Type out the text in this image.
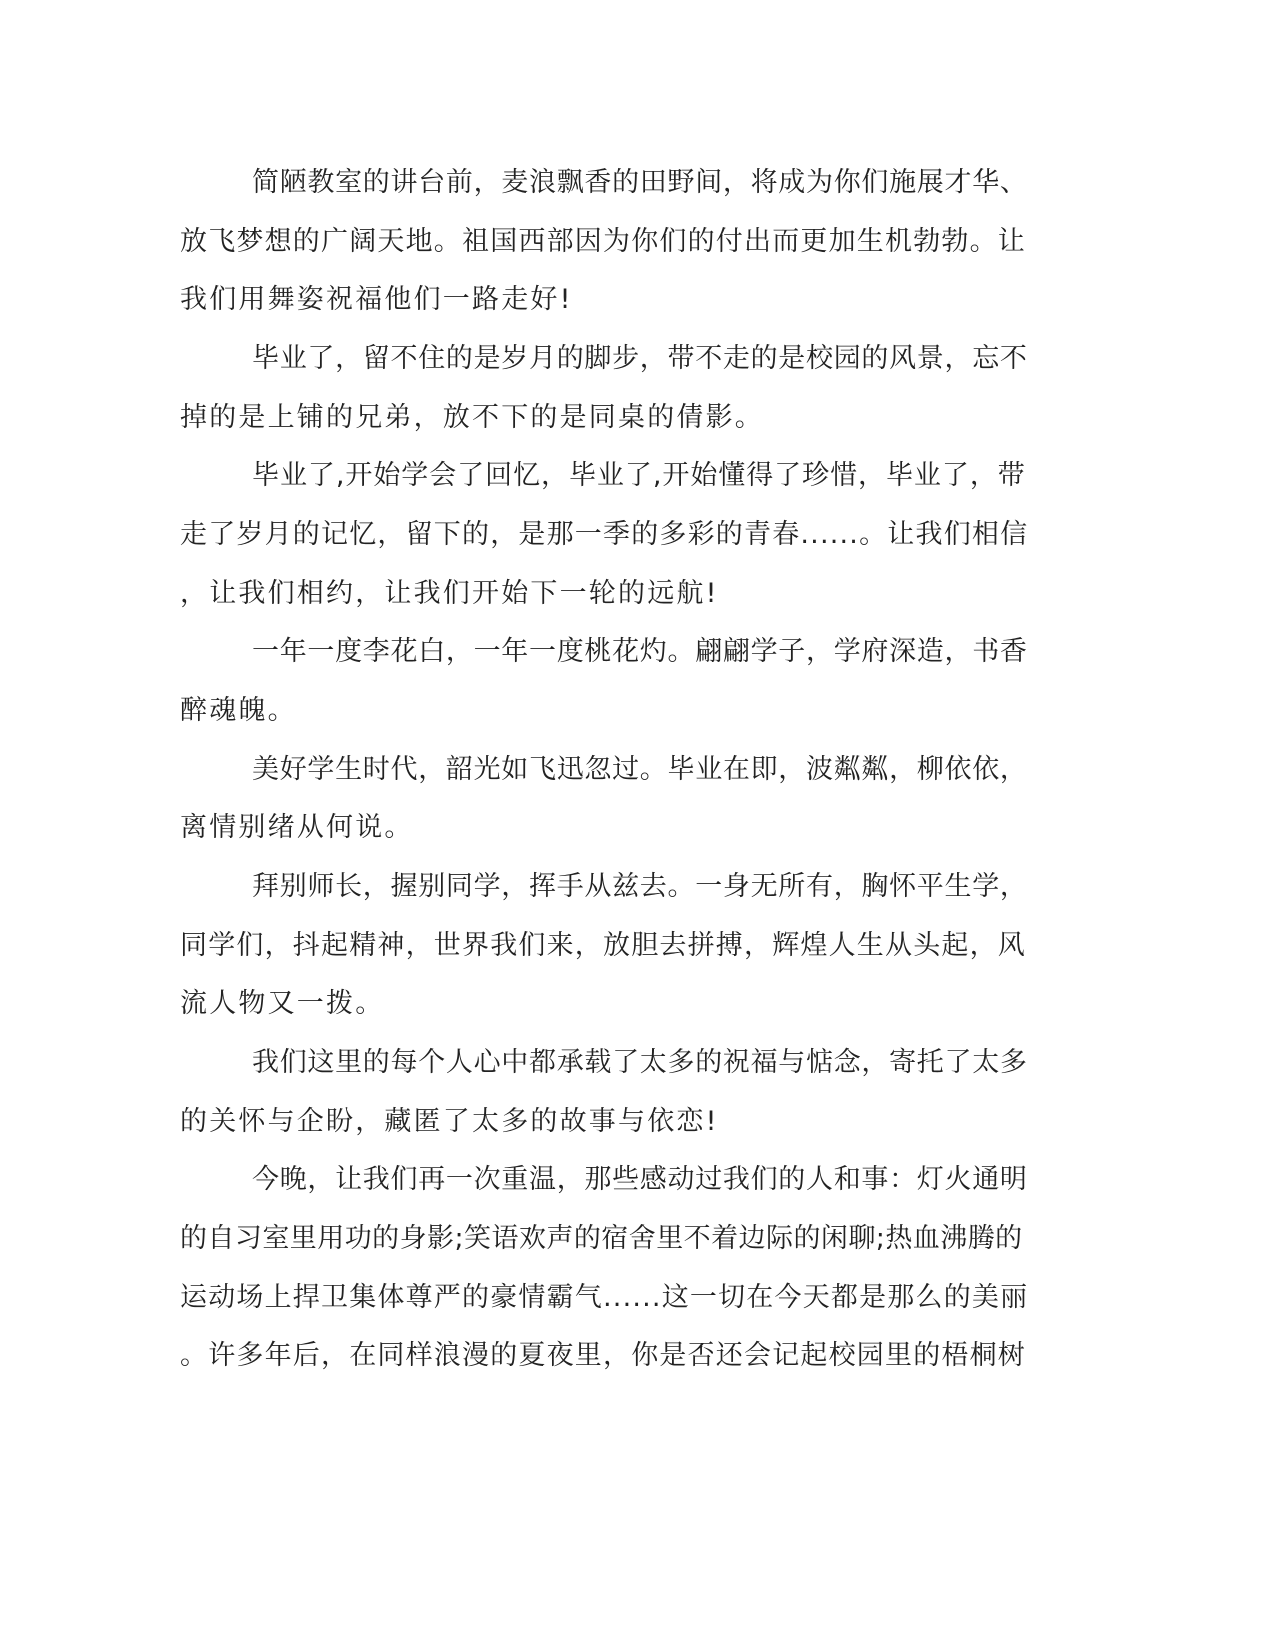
简陋教室的讲台前，麦浪飘香的田野间，将成为你们施展才华、
放飞梦想的广阔天地。祖国西部因为你们的付出而更加生机勃勃。让
我们用舞姿祝福他们一路走好!
毕业了，留不住的是岁月的脚步，带不走的是校园的风景，忘不
掉的是上铺的兄弟，放不下的是同桌的倩影。
毕业了,开始学会了回忆，毕业了,开始懂得了珍惜，毕业了，带
走了岁月的记忆，留下的，是那一季的多彩的青春......。让我们相信
，让我们相约，让我们开始下一轮的远航!
一年一度李花白，一年一度桃花灼。翩翩学子，学府深造，书香
醉魂魄。
美好学生时代，韶光如飞迅忽过。毕业在即，波粼粼，柳依依，
离情别绪从何说。
拜别师长，握别同学，挥手从兹去。一身无所有，胸怀平生学，
同学们，抖起精神，世界我们来，放胆去拼搏，辉煌人生从头起，风
流人物又一拨。
我们这里的每个人心中都承载了太多的祝福与惦念，寄托了太多
的关怀与企盼，藏匿了太多的故事与依恋!
今晚，让我们再一次重温，那些感动过我们的人和事：灯火通明
的自习室里用功的身影;笑语欢声的宿舍里不着边际的闲聊;热血沸腾的
运动场上捍卫集体尊严的豪情霸气......这一切在今天都是那么的美丽
。许多年后，在同样浪漫的夏夜里，你是否还会记起校园里的梧桐树
